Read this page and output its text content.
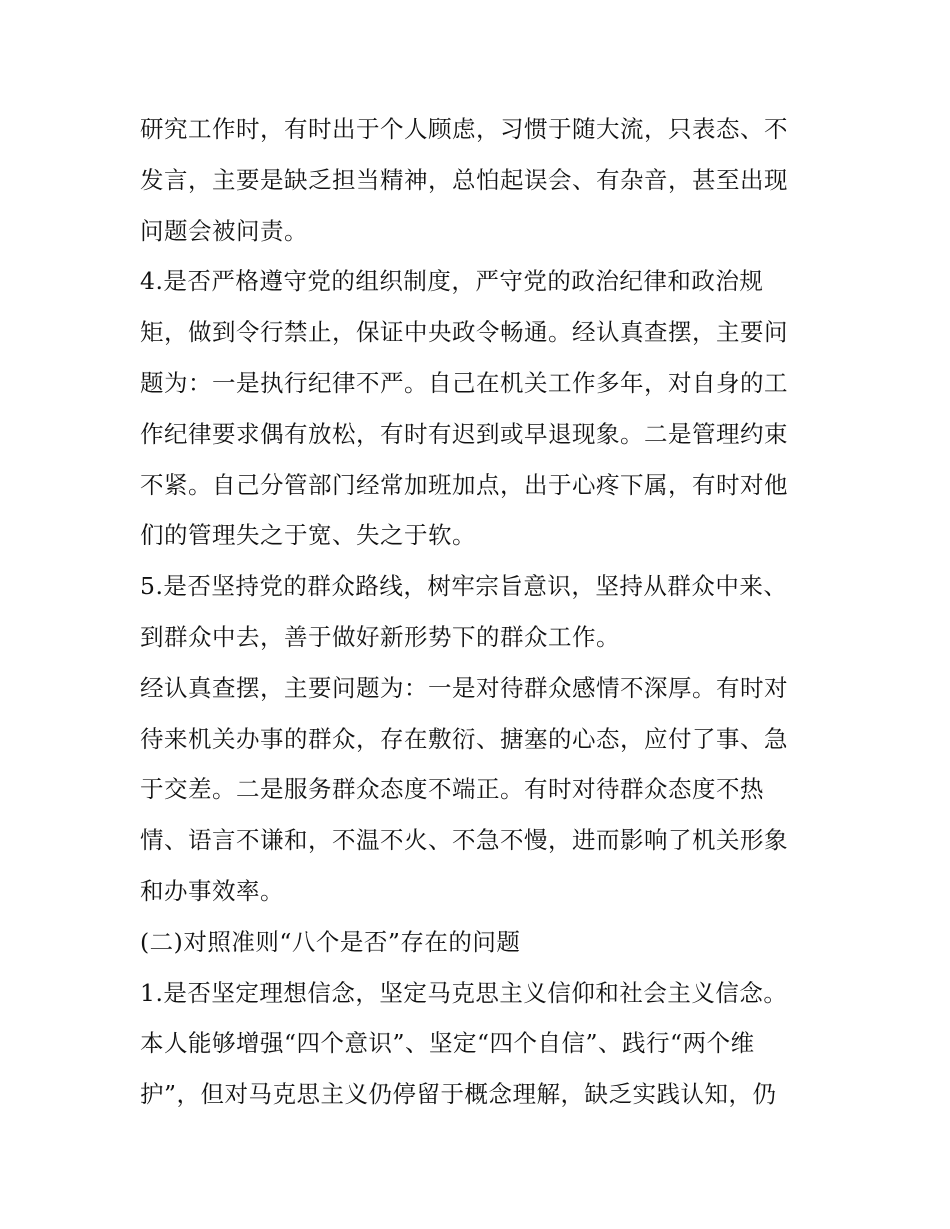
研究工作时，有时出于个人顾虑，习惯于随大流，只表态、不
发言，主要是缺乏担当精神，总怕起误会、有杂音，甚至出现
问题会被问责。
4.是否严格遵守党的组织制度，严守党的政治纪律和政治规
矩，做到令行禁止，保证中央政令畅通。经认真查摆，主要问
题为：一是执行纪律不严。自己在机关工作多年，对自身的工
作纪律要求偶有放松，有时有迟到或早退现象。二是管理约束
不紧。自己分管部门经常加班加点，出于心疼下属，有时对他
们的管理失之于宽、失之于软。
5.是否坚持党的群众路线，树牢宗旨意识，坚持从群众中来、
到群众中去，善于做好新形势下的群众工作。
经认真查摆，主要问题为：一是对待群众感情不深厚。有时对
待来机关办事的群众，存在敷衍、搪塞的心态，应付了事、急
于交差。二是服务群众态度不端正。有时对待群众态度不热
情、语言不谦和，不温不火、不急不慢，进而影响了机关形象
和办事效率。
(二)对照准则“八个是否”存在的问题
1.是否坚定理想信念，坚定马克思主义信仰和社会主义信念。
本人能够增强“四个意识”、坚定“四个自信”、践行“两个维
护”，但对马克思主义仍停留于概念理解，缺乏实践认知，仍
